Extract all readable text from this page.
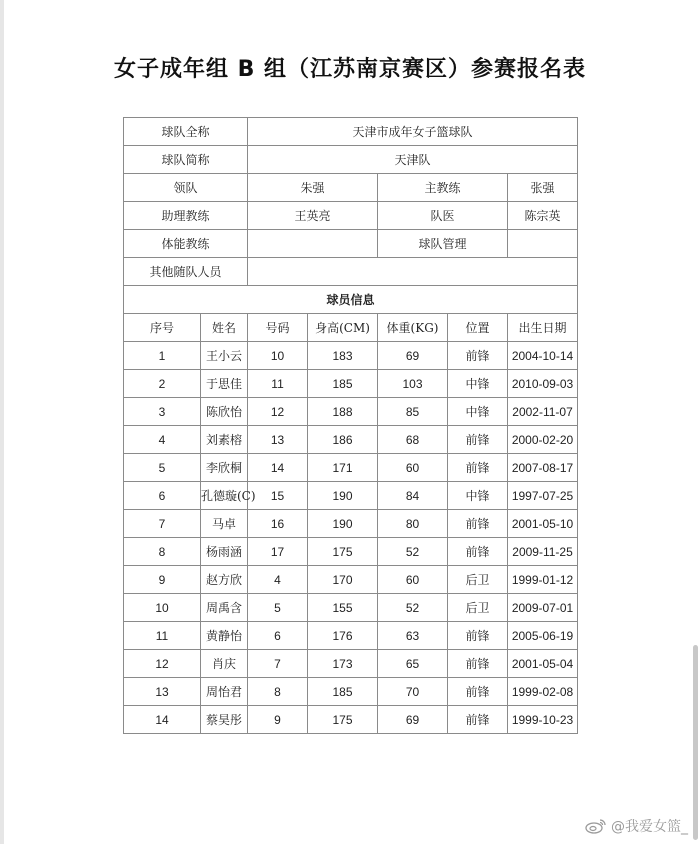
女子成年组 B 组（江苏南京赛区）参赛报名表
球队全称		天津市成年女子篮球队				
球队简称		天津队				
领队		朱强		主教练		张强
助理教练		王英亮		队医		陈宗英
体能教练				球队管理		
其他随队人员						
球员信息						
序号	姓名	号码	身高(CM)	体重(KG)	位置	出生日期
1	王小云	10	183	69	前锋	2004-10-14
2	于思佳	11	185	103	中锋	2010-09-03
3	陈欣怡	12	188	85	中锋	2002-11-07
4	刘素榕	13	186	68	前锋	2000-02-20
5	李欣桐	14	171	60	前锋	2007-08-17
6	孔德璇(C)	15	190	84	中锋	1997-07-25
7	马卓	16	190	80	前锋	2001-05-10
8	杨雨涵	17	175	52	前锋	2009-11-25
9	赵方欣	4	170	60	后卫	1999-01-12
10	周禹含	5	155	52	后卫	2009-07-01
11	黄静怡	6	176	63	前锋	2005-06-19
12	肖庆	7	173	65	前锋	2001-05-04
13	周怡君	8	185	70	前锋	1999-02-08
14	蔡昊彤	9	175	69	前锋	1999-10-23
@我爱女篮_
